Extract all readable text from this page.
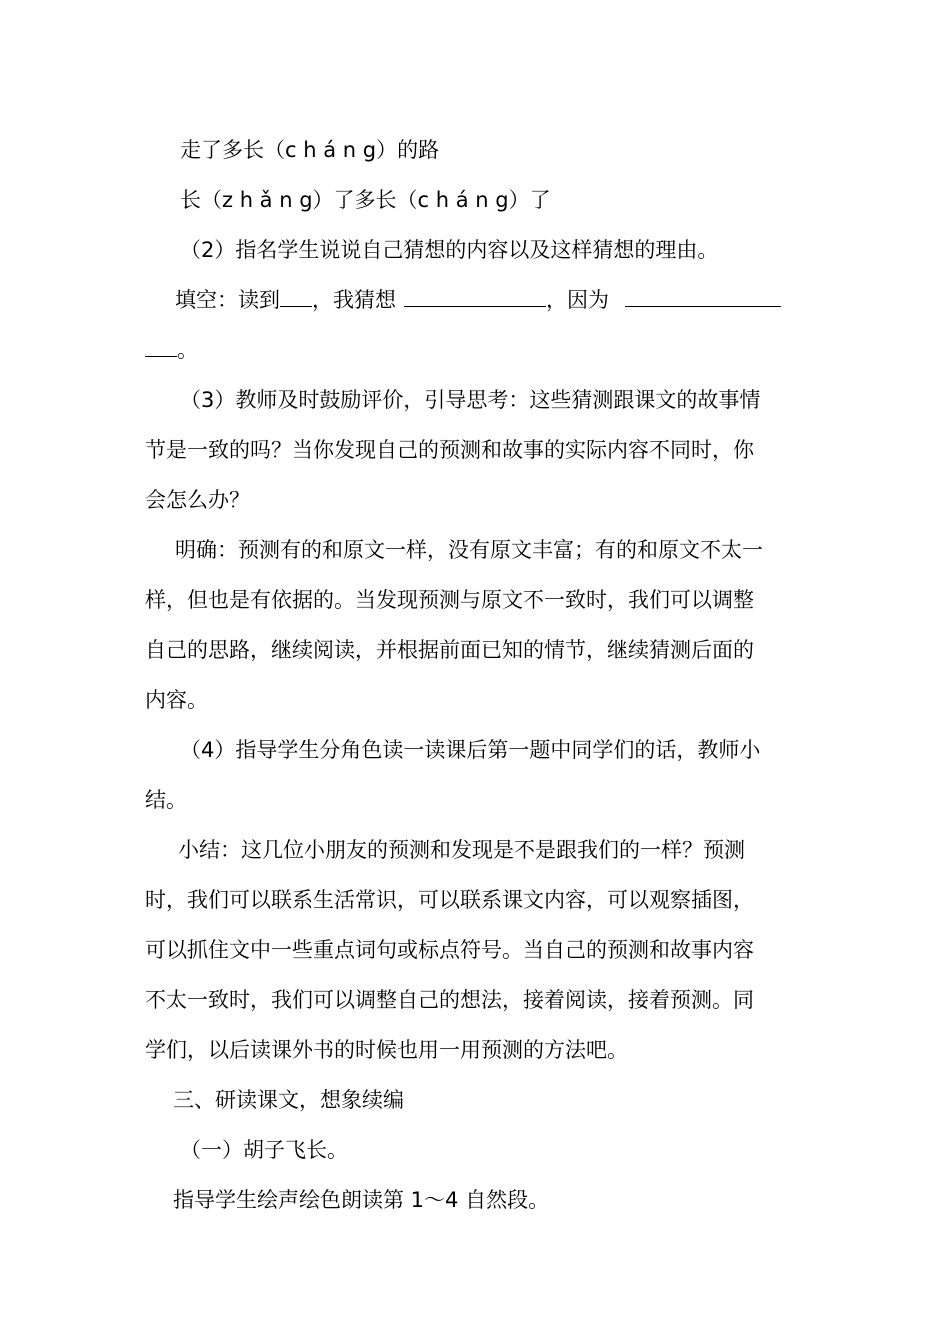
走了多长（c h á n g）的路
长（z h ǎ n g）了多长（c h á n g）了
（2）指名学生说说自己猜想的内容以及这样猜想的理由。
填空：读到 ，我猜想	，因为
。
（3）教师及时鼓励评价，引导思考：这些猜测跟课文的故事情
节是一致的吗？当你发现自己的预测和故事的实际内容不同时，你
会怎么办？
明确：预测有的和原文一样，没有原文丰富；有的和原文不太一
样，但也是有依据的。当发现预测与原文不一致时，我们可以调整
自己的思路，继续阅读，并根据前面已知的情节，继续猜测后面的
内容。
（4）指导学生分角色读一读课后第一题中同学们的话，教师小
结。
小结：这几位小朋友的预测和发现是不是跟我们的一样？预测
时，我们可以联系生活常识，可以联系课文内容，可以观察插图，
可以抓住文中一些重点词句或标点符号。当自己的预测和故事内容
不太一致时，我们可以调整自己的想法，接着阅读，接着预测。同
学们，以后读课外书的时候也用一用预测的方法吧。
三、研读课文，想象续编
（一）胡子飞长。
指导学生绘声绘色朗读第 1～4 自然段。
